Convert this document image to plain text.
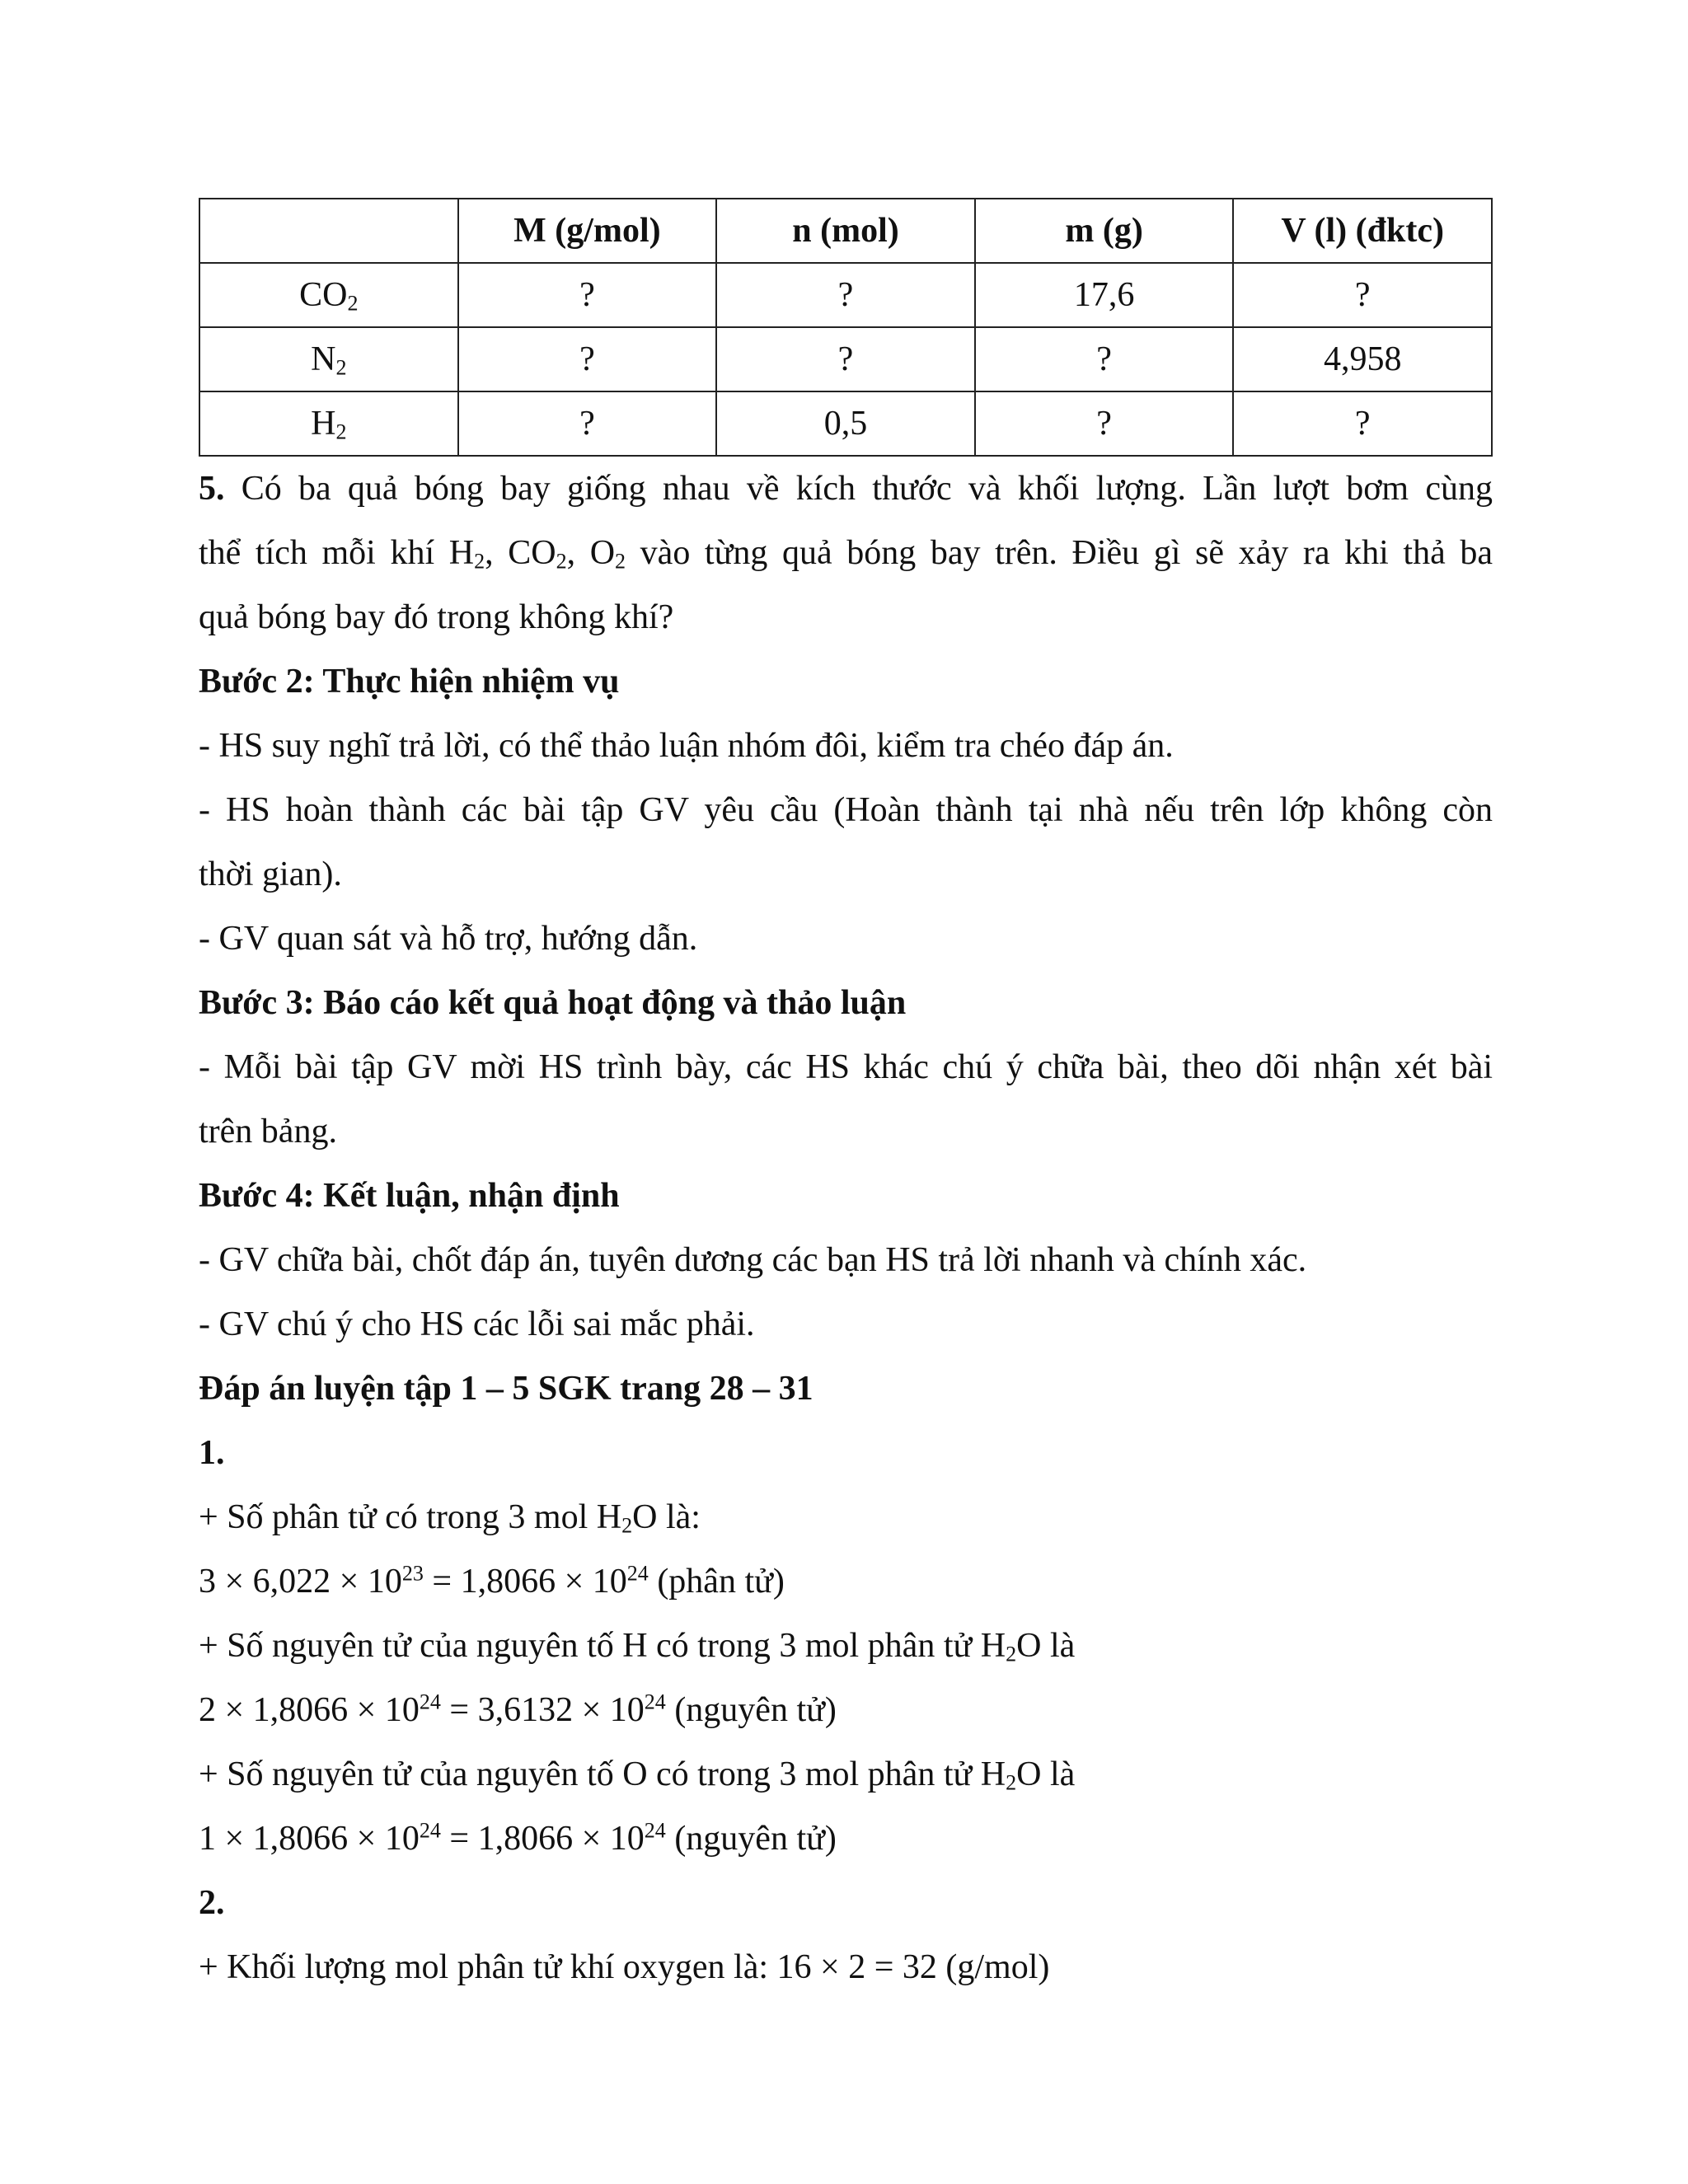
	M (g/mol)	n (mol)	m (g)	V (l) (đktc)
$CO_2$	?	?	17,6	?
$N_2$	?	?	?	4,958
$H_2$	?	0,5	?	?
5. Có ba quả bóng bay giống nhau về kích thước và khối lượng. Lần lượt bơm cùng
thể tích mỗi khí $H_2$, $CO_2$, $O_2$ vào từng quả bóng bay trên. Điều gì sẽ xảy ra khi thả ba
quả bóng bay đó trong không khí?
Bước 2: Thực hiện nhiệm vụ
- HS suy nghĩ trả lời, có thể thảo luận nhóm đôi, kiểm tra chéo đáp án.
- HS hoàn thành các bài tập GV yêu cầu (Hoàn thành tại nhà nếu trên lớp không còn
thời gian).
- GV quan sát và hỗ trợ, hướng dẫn.
Bước 3: Báo cáo kết quả hoạt động và thảo luận
- Mỗi bài tập GV mời HS trình bày, các HS khác chú ý chữa bài, theo dõi nhận xét bài
trên bảng.
Bước 4: Kết luận, nhận định
- GV chữa bài, chốt đáp án, tuyên dương các bạn HS trả lời nhanh và chính xác.
- GV chú ý cho HS các lỗi sai mắc phải.
Đáp án luyện tập 1 – 5 SGK trang 28 – 31
1.
+ Số phân tử có trong 3 mol $H_2O$ là:
$3 \times 6,022 \times 10^{23} = 1,8066 \times 10^{24}$ (phân tử)
+ Số nguyên tử của nguyên tố H có trong 3 mol phân tử $H_2O$ là
$2 \times 1,8066 \times 10^{24} = 3,6132 \times 10^{24}$ (nguyên tử)
+ Số nguyên tử của nguyên tố O có trong 3 mol phân tử $H_2O$ là
$1 \times 1,8066 \times 10^{24} = 1,8066 \times 10^{24}$ (nguyên tử)
2.
+ Khối lượng mol phân tử khí oxygen là: 16 × 2 = 32 (g/mol)
